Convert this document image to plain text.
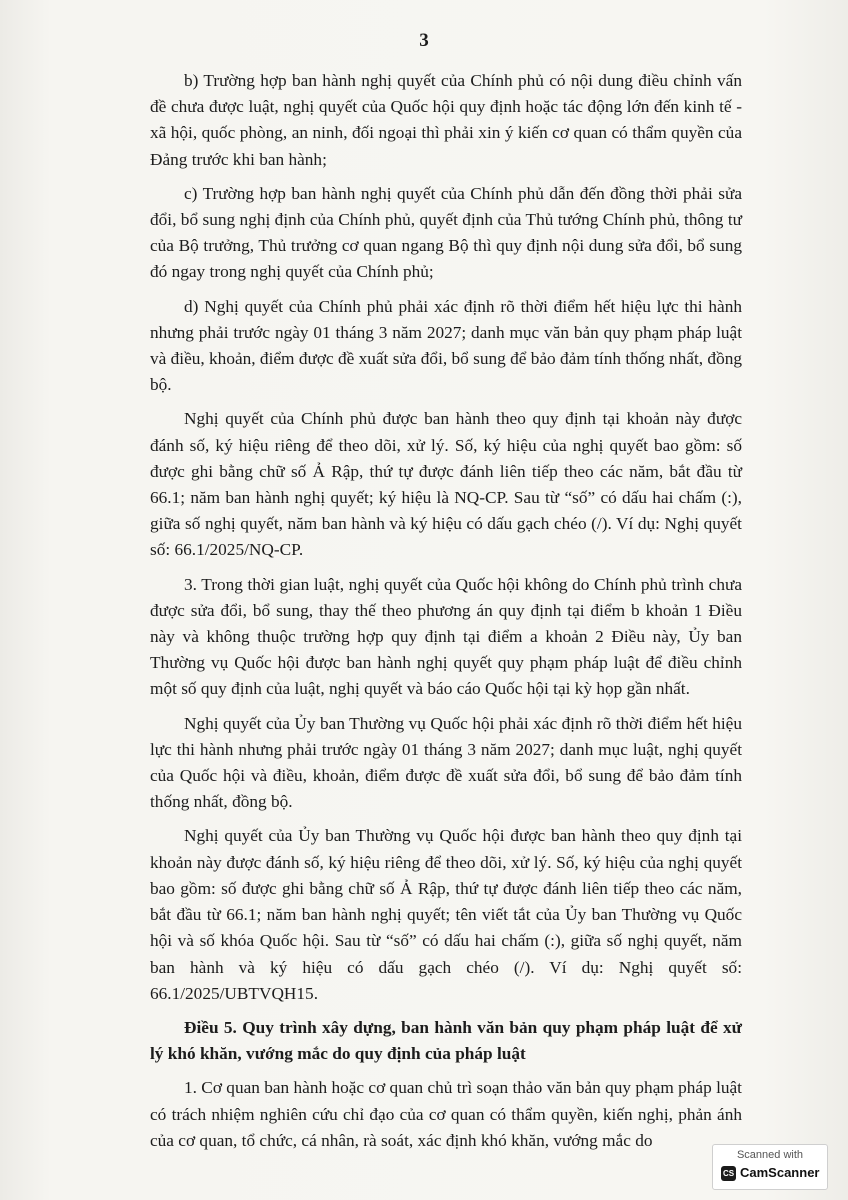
3

b) Trường hợp ban hành nghị quyết của Chính phủ có nội dung điều chỉnh vấn đề chưa được luật, nghị quyết của Quốc hội quy định hoặc tác động lớn đến kinh tế - xã hội, quốc phòng, an ninh, đối ngoại thì phải xin ý kiến cơ quan có thẩm quyền của Đảng trước khi ban hành;

c) Trường hợp ban hành nghị quyết của Chính phủ dẫn đến đồng thời phải sửa đổi, bổ sung nghị định của Chính phủ, quyết định của Thủ tướng Chính phủ, thông tư của Bộ trưởng, Thủ trưởng cơ quan ngang Bộ thì quy định nội dung sửa đổi, bổ sung đó ngay trong nghị quyết của Chính phủ;

d) Nghị quyết của Chính phủ phải xác định rõ thời điểm hết hiệu lực thi hành nhưng phải trước ngày 01 tháng 3 năm 2027; danh mục văn bản quy phạm pháp luật và điều, khoản, điểm được đề xuất sửa đổi, bổ sung để bảo đảm tính thống nhất, đồng bộ.

Nghị quyết của Chính phủ được ban hành theo quy định tại khoản này được đánh số, ký hiệu riêng để theo dõi, xử lý. Số, ký hiệu của nghị quyết bao gồm: số được ghi bằng chữ số Ả Rập, thứ tự được đánh liên tiếp theo các năm, bắt đầu từ 66.1; năm ban hành nghị quyết; ký hiệu là NQ-CP. Sau từ “số” có dấu hai chấm (:), giữa số nghị quyết, năm ban hành và ký hiệu có dấu gạch chéo (/). Ví dụ: Nghị quyết số: 66.1/2025/NQ-CP.

3. Trong thời gian luật, nghị quyết của Quốc hội không do Chính phủ trình chưa được sửa đổi, bổ sung, thay thế theo phương án quy định tại điểm b khoản 1 Điều này và không thuộc trường hợp quy định tại điểm a khoản 2 Điều này, Ủy ban Thường vụ Quốc hội được ban hành nghị quyết quy phạm pháp luật để điều chỉnh một số quy định của luật, nghị quyết và báo cáo Quốc hội tại kỳ họp gần nhất.

Nghị quyết của Ủy ban Thường vụ Quốc hội phải xác định rõ thời điểm hết hiệu lực thi hành nhưng phải trước ngày 01 tháng 3 năm 2027; danh mục luật, nghị quyết của Quốc hội và điều, khoản, điểm được đề xuất sửa đổi, bổ sung để bảo đảm tính thống nhất, đồng bộ.

Nghị quyết của Ủy ban Thường vụ Quốc hội được ban hành theo quy định tại khoản này được đánh số, ký hiệu riêng để theo dõi, xử lý. Số, ký hiệu của nghị quyết bao gồm: số được ghi bằng chữ số Ả Rập, thứ tự được đánh liên tiếp theo các năm, bắt đầu từ 66.1; năm ban hành nghị quyết; tên viết tắt của Ủy ban Thường vụ Quốc hội và số khóa Quốc hội. Sau từ “số” có dấu hai chấm (:), giữa số nghị quyết, năm ban hành và ký hiệu có dấu gạch chéo (/). Ví dụ: Nghị quyết số: 66.1/2025/UBTVQH15.

Điều 5. Quy trình xây dựng, ban hành văn bản quy phạm pháp luật để xử lý khó khăn, vướng mắc do quy định của pháp luật

1. Cơ quan ban hành hoặc cơ quan chủ trì soạn thảo văn bản quy phạm pháp luật có trách nhiệm nghiên cứu chỉ đạo của cơ quan có thẩm quyền, kiến nghị, phản ánh của cơ quan, tổ chức, cá nhân, rà soát, xác định khó khăn, vướng mắc do

Scanned with
CS CamScanner
